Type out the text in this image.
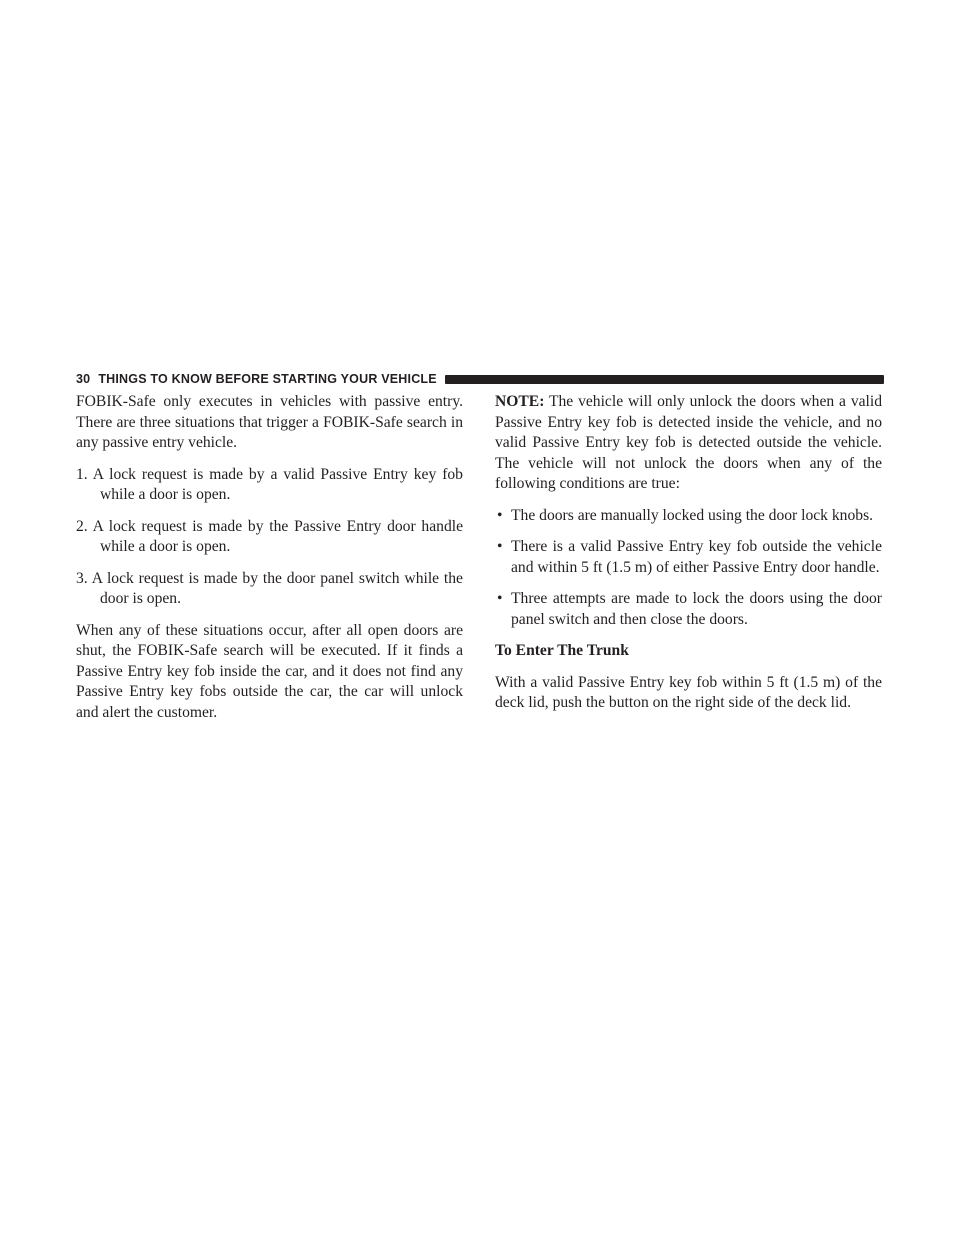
30 THINGS TO KNOW BEFORE STARTING YOUR VEHICLE

FOBIK-Safe only executes in vehicles with passive entry. There are three situations that trigger a FOBIK-Safe search in any passive entry vehicle.

1. A lock request is made by a valid Passive Entry key fob while a door is open.
2. A lock request is made by the Passive Entry door handle while a door is open.
3. A lock request is made by the door panel switch while the door is open.

When any of these situations occur, after all open doors are shut, the FOBIK-Safe search will be executed. If it finds a Passive Entry key fob inside the car, and it does not find any Passive Entry key fobs outside the car, the car will unlock and alert the customer.

NOTE: The vehicle will only unlock the doors when a valid Passive Entry key fob is detected inside the vehicle, and no valid Passive Entry key fob is detected outside the vehicle. The vehicle will not unlock the doors when any of the following conditions are true:

• The doors are manually locked using the door lock knobs.
• There is a valid Passive Entry key fob outside the vehicle and within 5 ft (1.5 m) of either Passive Entry door handle.
• Three attempts are made to lock the doors using the door panel switch and then close the doors.
To Enter The Trunk

With a valid Passive Entry key fob within 5 ft (1.5 m) of the deck lid, push the button on the right side of the deck lid.
